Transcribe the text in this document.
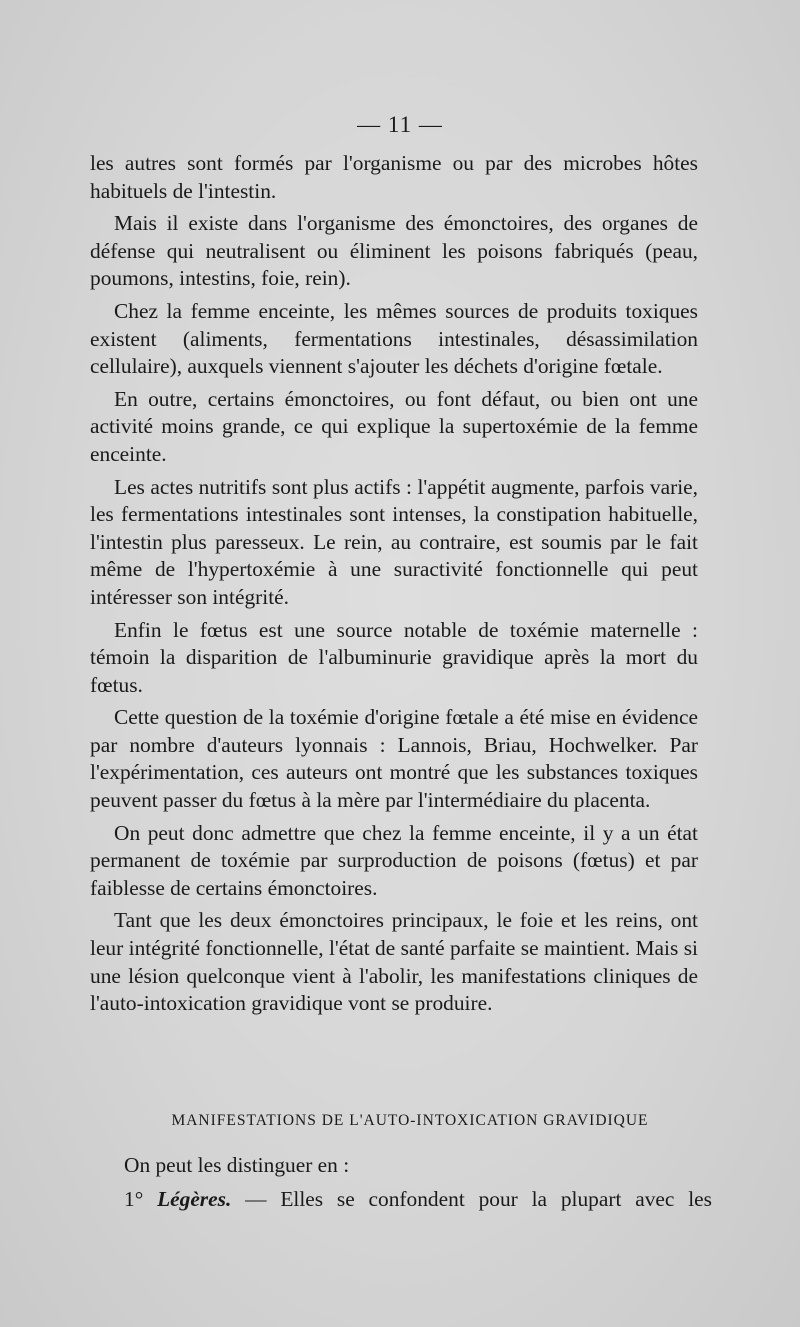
— 11 —

les autres sont formés par l'organisme ou par des microbes hôtes habituels de l'intestin.

Mais il existe dans l'organisme des émonctoires, des organes de défense qui neutralisent ou éliminent les poisons fabriqués (peau, poumons, intestins, foie, rein).

Chez la femme enceinte, les mêmes sources de produits toxiques existent (aliments, fermentations intestinales, désassimilation cellulaire), auxquels viennent s'ajouter les déchets d'origine fœtale.

En outre, certains émonctoires, ou font défaut, ou bien ont une activité moins grande, ce qui explique la supertoxémie de la femme enceinte.

Les actes nutritifs sont plus actifs : l'appétit augmente, parfois varie, les fermentations intestinales sont intenses, la constipation habituelle, l'intestin plus paresseux. Le rein, au contraire, est soumis par le fait même de l'hypertoxémie à une suractivité fonctionnelle qui peut intéresser son intégrité.

Enfin le fœtus est une source notable de toxémie maternelle : témoin la disparition de l'albuminurie gravidique après la mort du fœtus.

Cette question de la toxémie d'origine fœtale a été mise en évidence par nombre d'auteurs lyonnais : Lannois, Briau, Hochwelker. Par l'expérimentation, ces auteurs ont montré que les substances toxiques peuvent passer du fœtus à la mère par l'intermédiaire du placenta.

On peut donc admettre que chez la femme enceinte, il y a un état permanent de toxémie par surproduction de poisons (fœtus) et par faiblesse de certains émonctoires.

Tant que les deux émonctoires principaux, le foie et les reins, ont leur intégrité fonctionnelle, l'état de santé parfaite se maintient. Mais si une lésion quelconque vient à l'abolir, les manifestations cliniques de l'auto-intoxication gravidique vont se produire.

MANIFESTATIONS DE L'AUTO-INTOXICATION GRAVIDIQUE

On peut les distinguer en :

1° Légères. — Elles se confondent pour la plupart avec les
